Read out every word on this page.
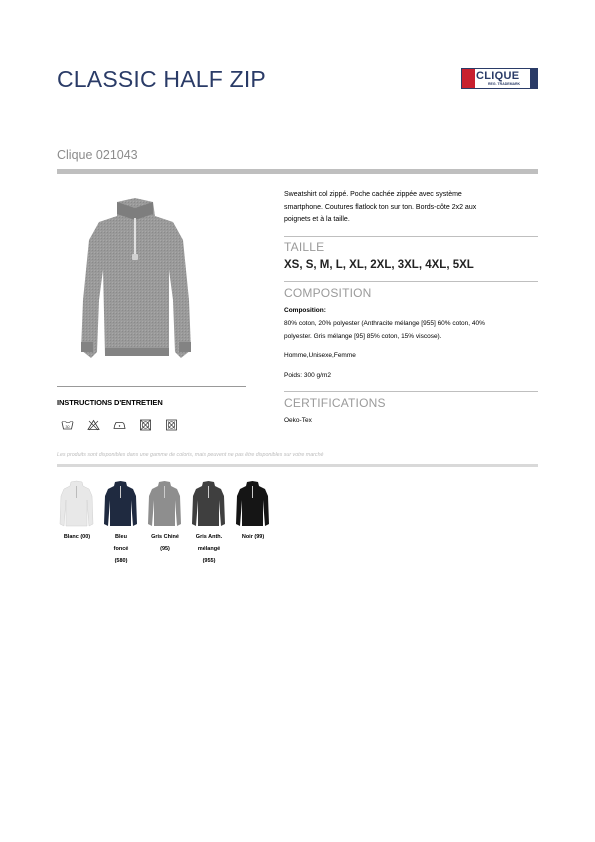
CLASSIC HALF ZIP	CLIQUE
REG. TRADEMARK
Clique 021043
INSTRUCTIONS D'ENTRETIEN
30
Sweatshirt col zippé. Poche cachée zippée avec système smartphone. Coutures flatlock ton sur ton. Bords-côte 2x2 aux poignets et à la taille.
TAILLE
XS, S, M, L, XL, 2XL, 3XL, 4XL, 5XL
COMPOSITION
Composition:
80% coton, 20% polyester (Anthracite mélange [955] 60% coton, 40% polyester. Gris mélange [95] 85% coton, 15% viscose).
Homme,Unisexe,Femme
Poids: 300 g/m2
CERTIFICATIONS
Oeko-Tex
Les produits sont disponibles dans une gamme de coloris, mais peuvent ne pas être disponibles sur votre marché
Blanc (00)	Bleu
foncé
(580)
Gris Chiné
(95)
Gris Anth.
mélangé
(955)
Noir (99)
